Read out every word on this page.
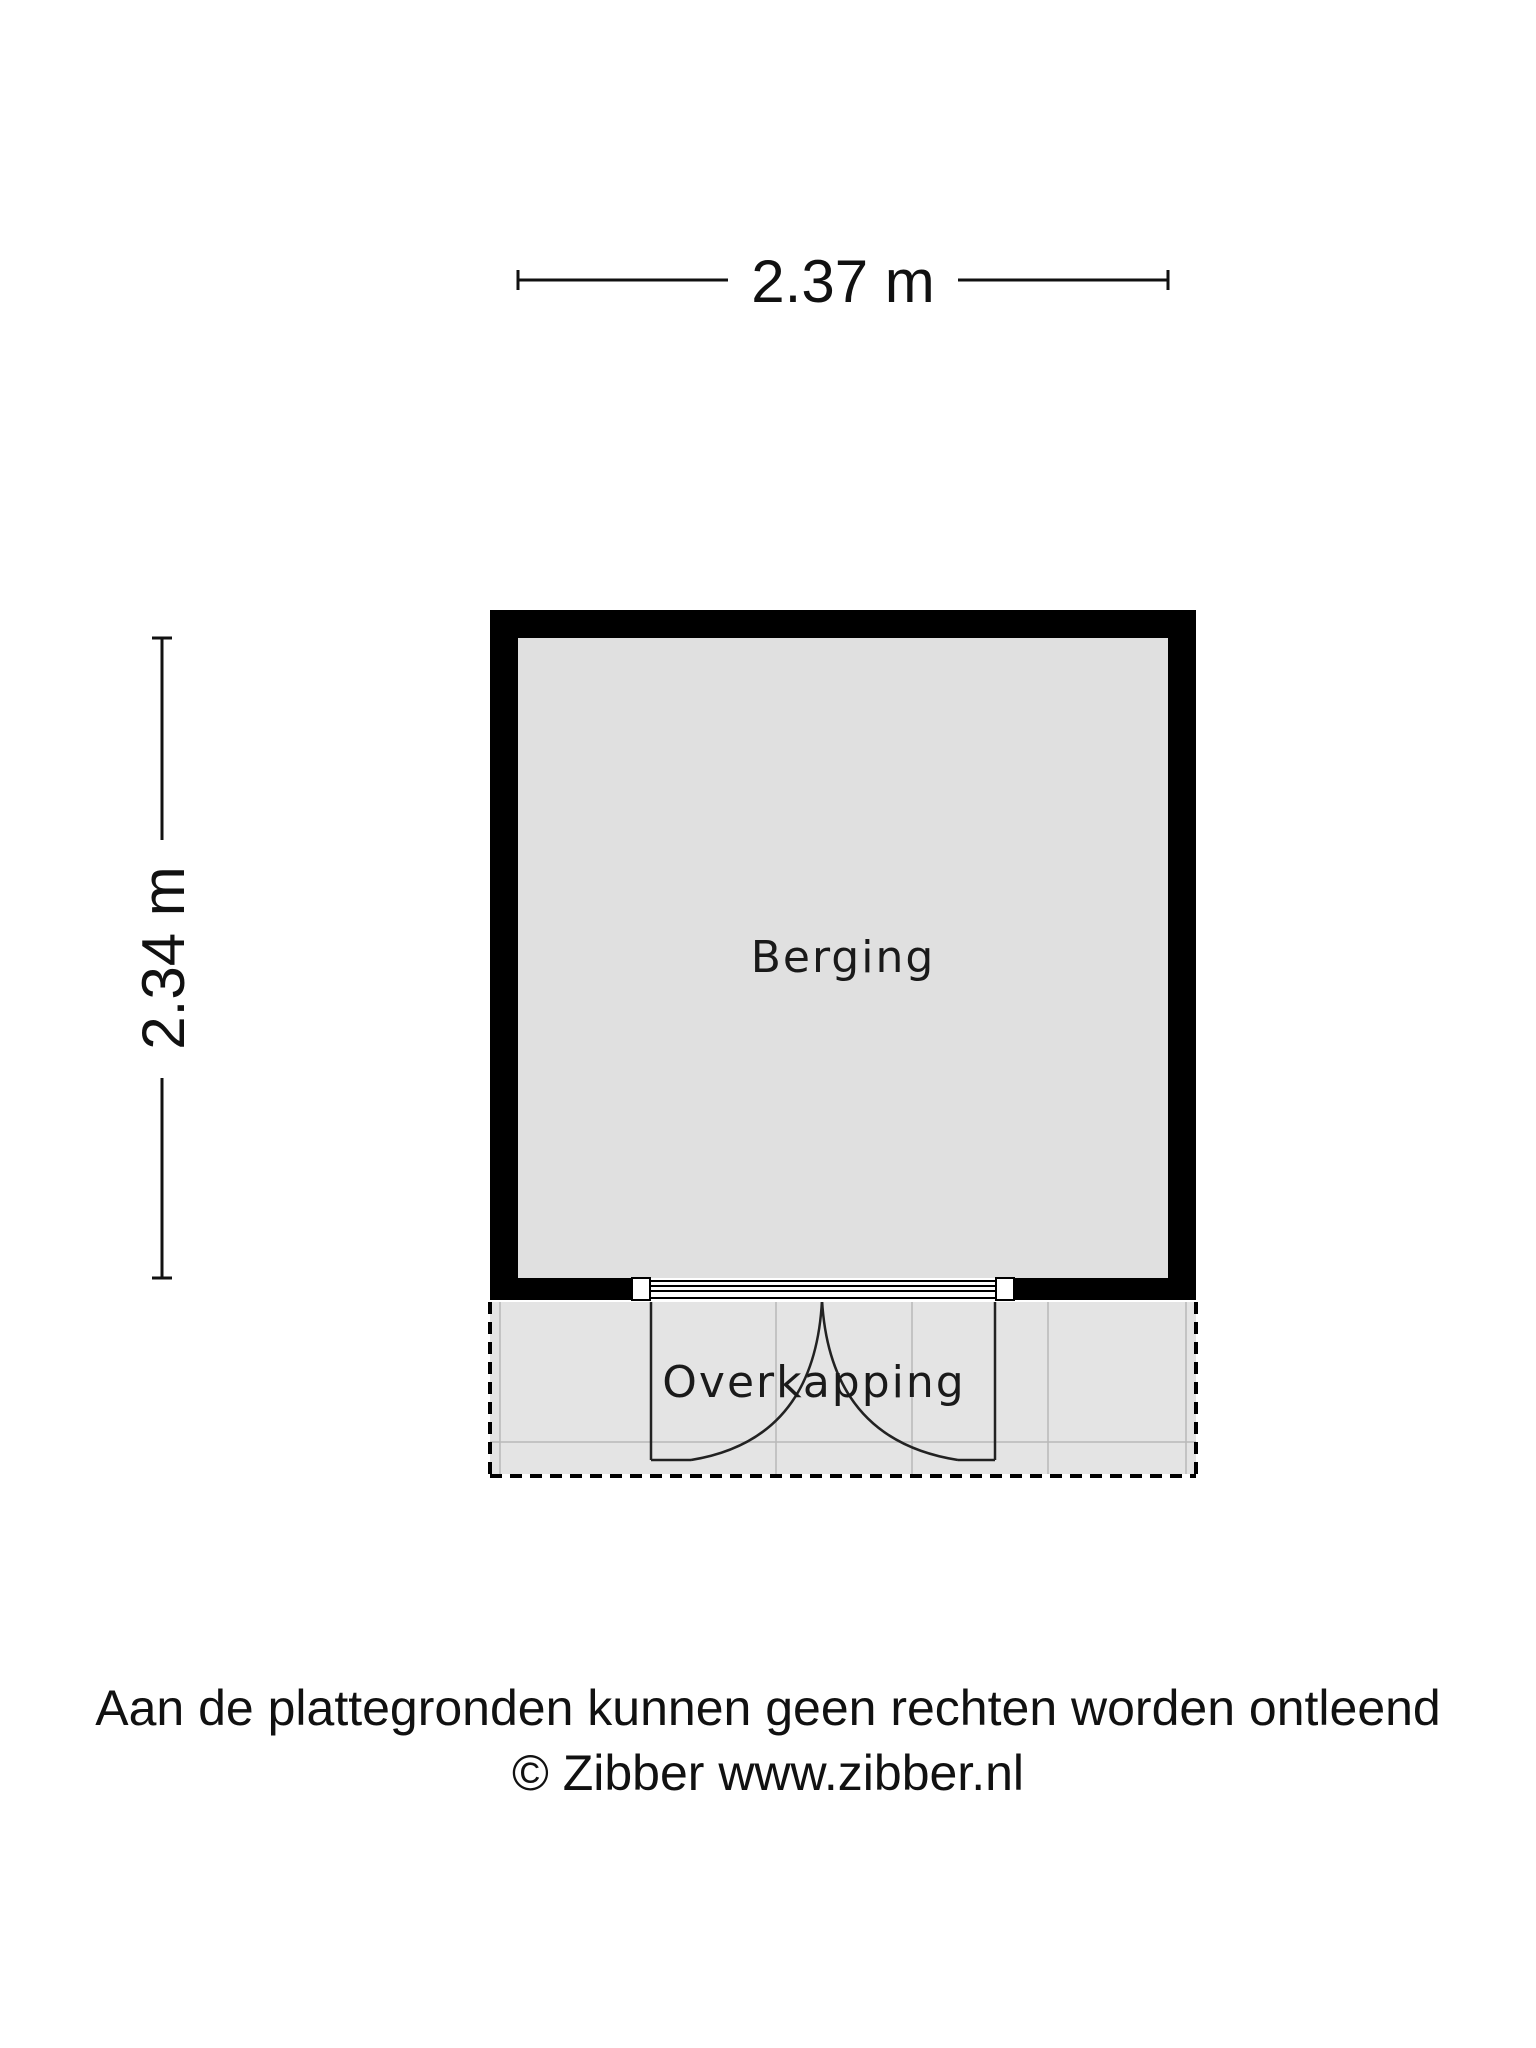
2.37 m
2.34 m
Overkapping
Berging

Aan de plattegronden kunnen geen rechten worden ontleend

© Zibber www.zibber.nl
